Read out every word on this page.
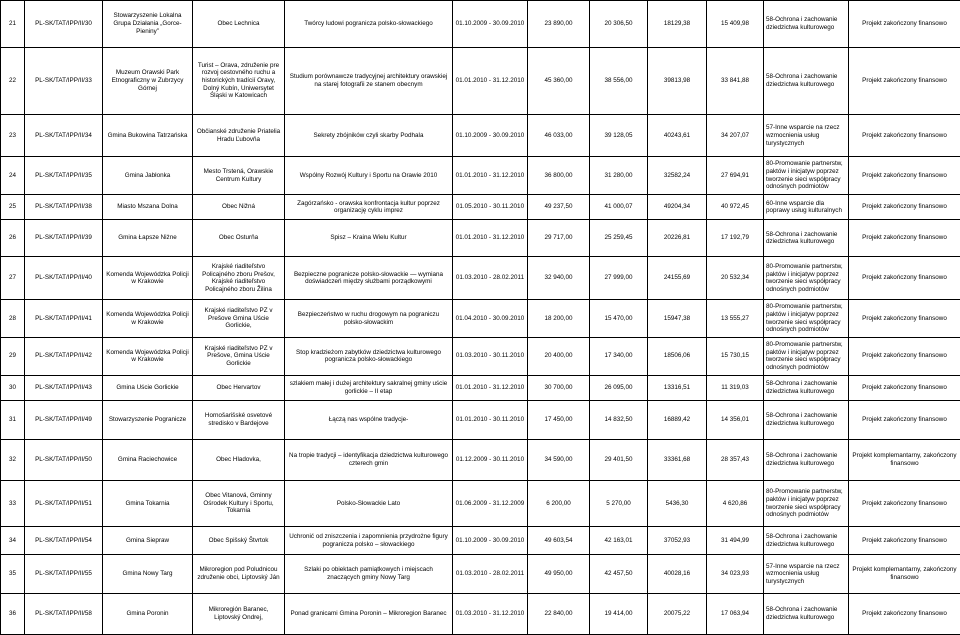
21	PL-SK/TAT/IPP/II/30	Stowarzyszenie Lokalna Grupa Działania „Gorce-Pieniny”	Obec Lechnica	Twórcy ludowi pogranicza polsko-słowackiego	01.10.2009 - 30.09.2010	23 890,00	20 306,50	18129,38	15 409,98	58-Ochrona i zachowanie dziedzictwa kulturowego	Projekt zakończony finansowo
22	PL-SK/TAT/IPP/II/33	Muzeum Orawski Park Etnograficzny w Zubrzycy Górnej	Turist – Orava, združenie pre rozvoj cestovného ruchu a historických tradícií Oravy, Dolný Kubín, Uniwersytet Śląski w Katowicach	Studium porównawcze tradycyjnej architektury orawskiej na starej fotografii ze stanem obecnym	01.01.2010 - 31.12.2010	45 360,00	38 556,00	39813,98	33 841,88	58-Ochrona i zachowanie dziedzictwa kulturowego	Projekt zakończony finansowo
23	PL-SK/TAT/IPP/II/34	Gmina Bukowina Tatrzańska	Občianské združenie Priatelia Hradu Ľubovňa	Sekrety zbójników czyli skarby Podhala	01.10.2009 - 30.09.2010	46 033,00	39 128,05	40243,61	34 207,07	57-Inne wsparcie na rzecz wzmocnienia usług turystycznych	Projekt zakończony finansowo
24	PL-SK/TAT/IPP/II/35	Gmina Jabłonka	Mesto Trstená, Orawskie Centrum Kultury	Wspólny Rozwój Kultury i Sportu na Orawie 2010	01.01.2010 - 31.12.2010	36 800,00	31 280,00	32582,24	27 694,91	80-Promowanie partnerstw, paktów i inicjatyw poprzez tworzenie sieci współpracy odnośnych podmiotów	Projekt zakończony finansowo
25	PL-SK/TAT/IPP/II/38	Miasto Mszana Dolna	Obec Nižná	Zagórzańsko - orawska konfrontacja kultur poprzez organizację cyklu imprez	01.05.2010 - 30.11.2010	49 237,50	41 000,07	49204,34	40 972,45	60-Inne wsparcie dla poprawy usług kulturalnych	Projekt zakończony finansowo
26	PL-SK/TAT/IPP/II/39	Gmina Łapsze Niżne	Obec Osturňa	Spisz – Kraina Wielu Kultur	01.01.2010 - 31.12.2010	29 717,00	25 259,45	20226,81	17 192,79	58-Ochrona i zachowanie dziedzictwa kulturowego	Projekt zakończony finansowo
27	PL-SK/TAT/IPP/II/40	Komenda Wojewódzka Policji w Krakowie	Krajské riaditeľstvo Policajného zboru Prešov, Krajské riaditeľstvo Policajného zboru Žilina	Bezpieczne pogranicze polsko-słowackie — wymiana doświadczeń między służbami porządkowymi	01.03.2010 - 28.02.2011	32 940,00	27 999,00	24155,69	20 532,34	80-Promowanie partnerstw, paktów i inicjatyw poprzez tworzenie sieci współpracy odnośnych podmiotów	Projekt zakończony finansowo
28	PL-SK/TAT/IPP/II/41	Komenda Wojewódzka Policji w Krakowie	Krajské riaditeľstvo PZ v Prešove Gmina Uście Gorlickie,	Bezpieczeństwo w ruchu drogowym na pograniczu polsko-słowackim	01.04.2010 - 30.09.2010	18 200,00	15 470,00	15947,38	13 555,27	80-Promowanie partnerstw, paktów i inicjatyw poprzez tworzenie sieci współpracy odnośnych podmiotów	Projekt zakończony finansowo
29	PL-SK/TAT/IPP/II/42	Komenda Wojewódzka Policji w Krakowie	Krajské riaditeľstvo PZ v Prešove, Gmina Uście Gorlickie	Stop kradzieżom zabytków dziedzictwa kulturowego pogranicza polsko-słowackiego	01.03.2010 - 30.11.2010	20 400,00	17 340,00	18506,06	15 730,15	80-Promowanie partnerstw, paktów i inicjatyw poprzez tworzenie sieci współpracy odnośnych podmiotów	Projekt zakończony finansowo
30	PL-SK/TAT/IPP/II/43	Gmina Uście Gorlickie	Obec Hervartov	szlakiem małej i dużej architektury sakralnej gminy uście gorlickie – II etap	01.01.2010 - 31.12.2010	30 700,00	26 095,00	13316,51	11 319,03	58-Ochrona i zachowanie dziedzictwa kulturowego	Projekt zakończony finansowo
31	PL-SK/TAT/IPP/II/49	Stowarzyszenie Pogranicze	Hornošarišské osvetové stredisko v Bardejove	Łączą nas wspólne tradycje-	01.01.2010 - 30.11.2010	17 450,00	14 832,50	16889,42	14 356,01	58-Ochrona i zachowanie dziedzictwa kulturowego	Projekt zakończony finansowo
32	PL-SK/TAT/IPP/II/50	Gmina Raciechowice	Obec Hladovka,	Na tropie tradycji – identyfikacja dziedzictwa kulturowego czterech gmin	01.12.2009 - 30.11.2010	34 590,00	29 401,50	33361,68	28 357,43	58-Ochrona i zachowanie dziedzictwa kulturowego	Projekt komplemantarny, zakończony finansowo
33	PL-SK/TAT/IPP/II/51	Gmina Tokarnia	Obec Vitanová, Gminny Ośrodek Kultury i Sportu, Tokarnia	Polsko-Słowackie Lato	01.06.2009 - 31.12.2009	6 200,00	5 270,00	5436,30	4 620,86	80-Promowanie partnerstw, paktów i inicjatyw poprzez tworzenie sieci współpracy odnośnych podmiotów	Projekt zakończony finansowo
34	PL-SK/TAT/IPP/II/54	Gmina Sieprаw	Obec Spišský Štvrtok	Uchronić od zniszczenia i zapomnienia przydrożne figury pogranicza polsko – słowackiego	01.10.2009 - 30.09.2010	49 603,54	42 163,01	37052,93	31 494,99	58-Ochrona i zachowanie dziedzictwa kulturowego	Projekt zakończony finansowo
35	PL-SK/TAT/IPP/II/55	Gmina Nowy Targ	Mikroregion pod Poludnicou združenie obci, Liptovský Ján	Szlaki po obiektach pamiątkowych i miejscach znaczących gminy Nowy Targ	01.03.2010 - 28.02.2011	49 950,00	42 457,50	40028,16	34 023,93	57-Inne wsparcie na rzecz wzmocnienia usług turystycznych	Projekt komplemantarny, zakończony finansowo
36	PL-SK/TAT/IPP/II/58	Gmina Poronin	Mikroregión Baranec, Liptovský Ondrej,	Ponad granicami Gmina Poronin – Mikroregion Baranec	01.03.2010 - 31.12.2010	22 840,00	19 414,00	20075,22	17 063,94	58-Ochrona i zachowanie dziedzictwa kulturowego	Projekt zakończony finansowo
